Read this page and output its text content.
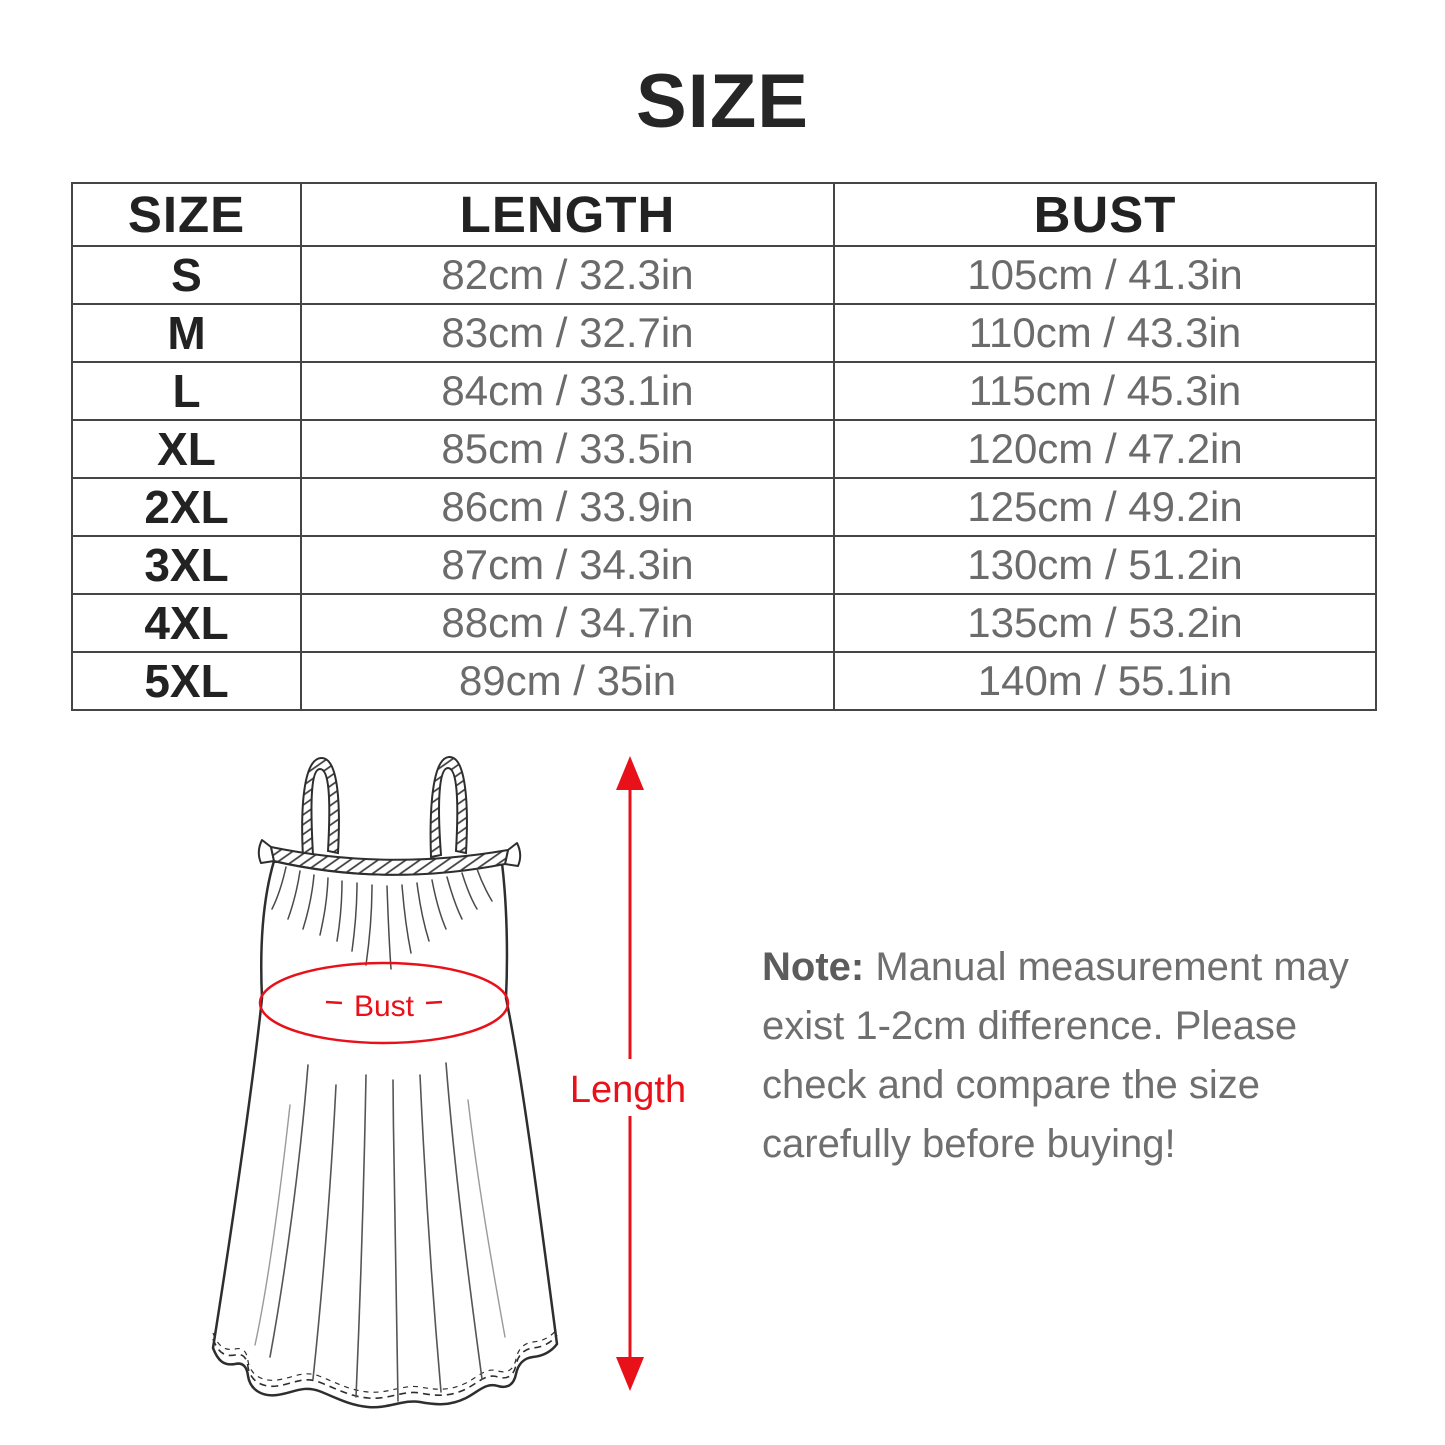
SIZE
SIZE	LENGTH	BUST
S	82cm / 32.3in	105cm / 41.3in
M	83cm / 32.7in	110cm / 43.3in
L	84cm / 33.1in	115cm / 45.3in
XL	85cm / 33.5in	120cm / 47.2in
2XL	86cm / 33.9in	125cm / 49.2in
3XL	87cm / 34.3in	130cm / 51.2in
4XL	88cm / 34.7in	135cm / 53.2in
5XL	89cm / 35in	140m / 55.1in
Bust
Length
Note: Manual measurement may
exist 1-2cm difference. Please
check and compare the size
carefully before buying!
